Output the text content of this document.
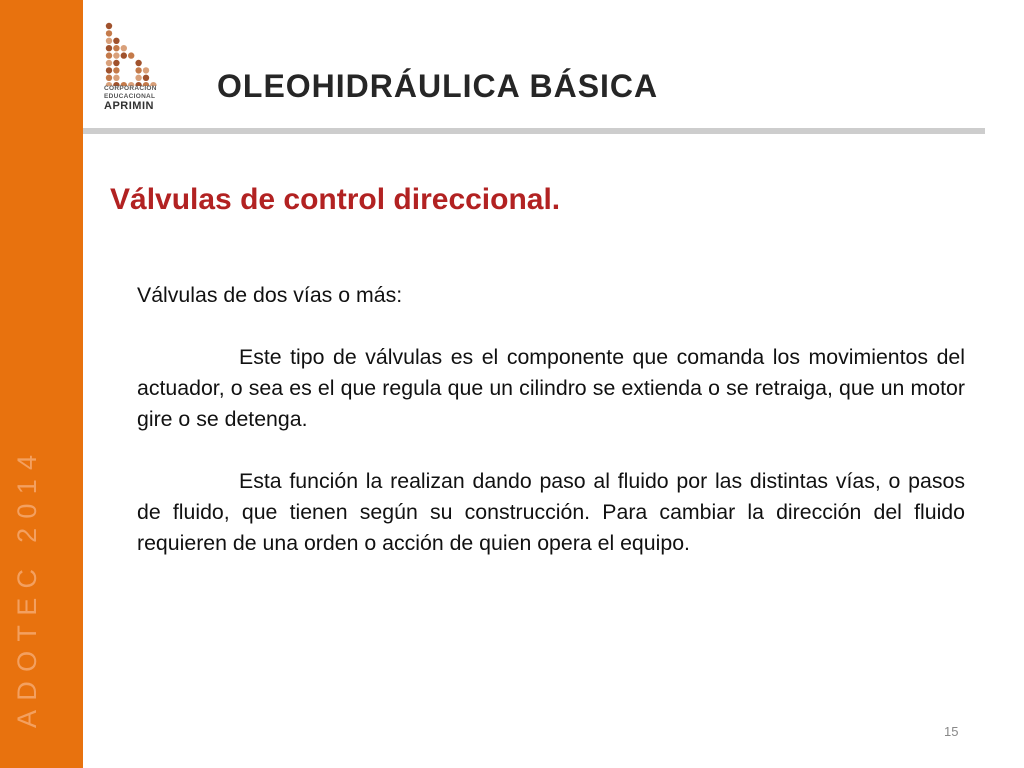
ADOTEC 2014
CORPORACION
EDUCACIONAL
APRIMIN
OLEOHIDRÁULICA BÁSICA
Válvulas de control direccional.

Válvulas de dos vías o más:

Este tipo de válvulas es el componente que comanda los movimientos del actuador, o sea es el que regula que un cilindro se extienda o se retraiga, que un motor gire o se detenga.

Esta función la realizan dando paso al fluido por las distintas vías, o pasos de fluido, que tienen según su construcción. Para cambiar la dirección del fluido requieren de una orden o acción de quien opera el equipo.

15
